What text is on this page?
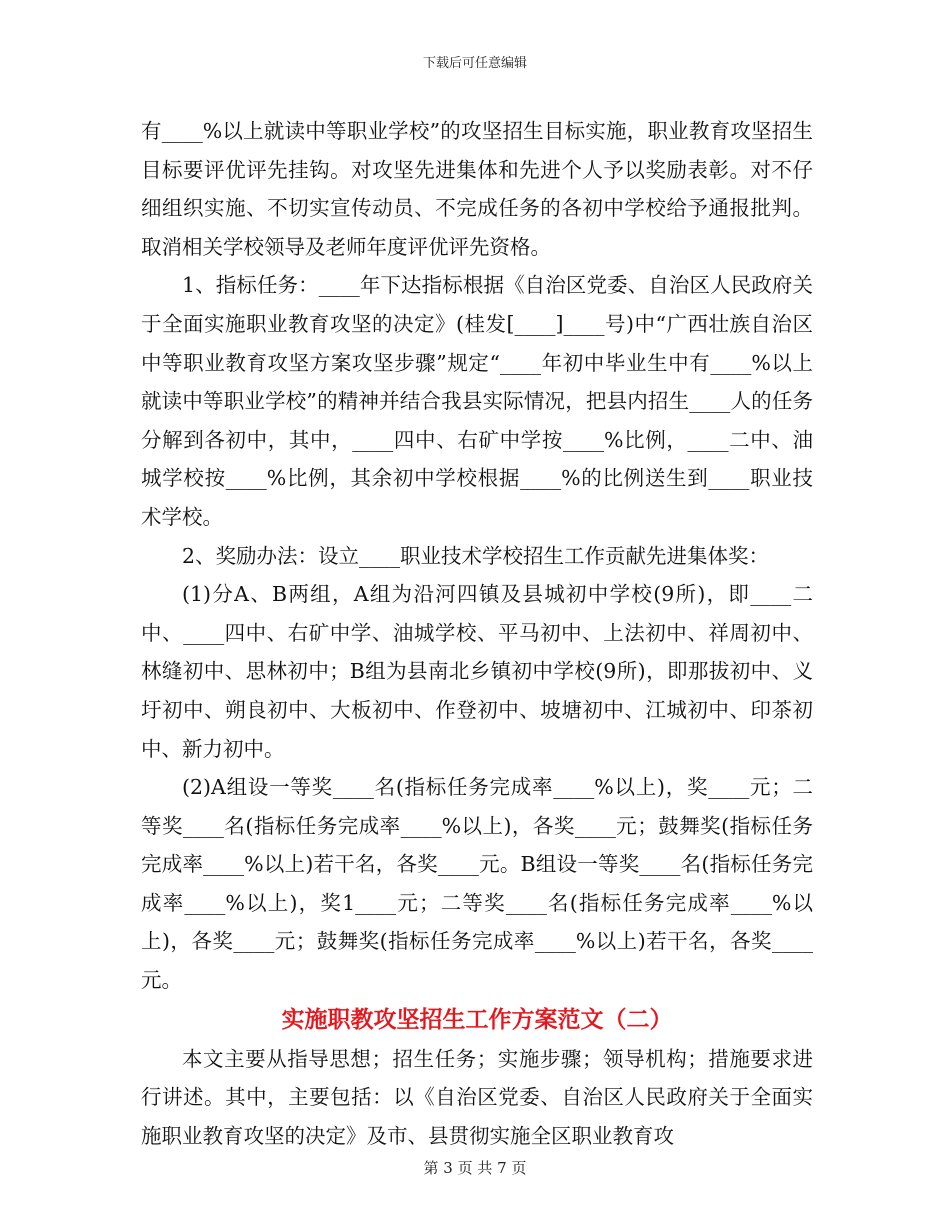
下载后可任意编辑

有____%以上就读中等职业学校”的攻坚招生目标实施，职业教育攻坚招生目标要评优评先挂钩。对攻坚先进集体和先进个人予以奖励表彰。对不仔细组织实施、不切实宣传动员、不完成任务的各初中学校给予通报批判。取消相关学校领导及老师年度评优评先资格。

1、指标任务：____年下达指标根据《自治区党委、自治区人民政府关于全面实施职业教育攻坚的决定》(桂发[____]____号)中“广西壮族自治区中等职业教育攻坚方案攻坚步骤”规定“____年初中毕业生中有____%以上就读中等职业学校”的精神并结合我县实际情况，把县内招生____人的任务分解到各初中，其中，____四中、右矿中学按____%比例，____二中、油城学校按____%比例，其余初中学校根据____%的比例送生到____职业技术学校。

2、奖励办法：设立____职业技术学校招生工作贡献先进集体奖：

(1)分A、B两组，A组为沿河四镇及县城初中学校(9所)，即____二中、____四中、右矿中学、油城学校、平马初中、上法初中、祥周初中、林缝初中、思林初中；B组为县南北乡镇初中学校(9所)，即那拔初中、义圩初中、朔良初中、大板初中、作登初中、坡塘初中、江城初中、印茶初中、新力初中。

(2)A组设一等奖____名(指标任务完成率____%以上)，奖____元；二等奖____名(指标任务完成率____%以上)，各奖____元；鼓舞奖(指标任务完成率____%以上)若干名，各奖____元。B组设一等奖____名(指标任务完成率____%以上)，奖1____元；二等奖____名(指标任务完成率____%以上)，各奖____元；鼓舞奖(指标任务完成率____%以上)若干名，各奖____元。

实施职教攻坚招生工作方案范文（二）

本文主要从指导思想；招生任务；实施步骤；领导机构；措施要求进行讲述。其中，主要包括：以《自治区党委、自治区人民政府关于全面实施职业教育攻坚的决定》及市、县贯彻实施全区职业教育攻

第 3 页 共 7 页
